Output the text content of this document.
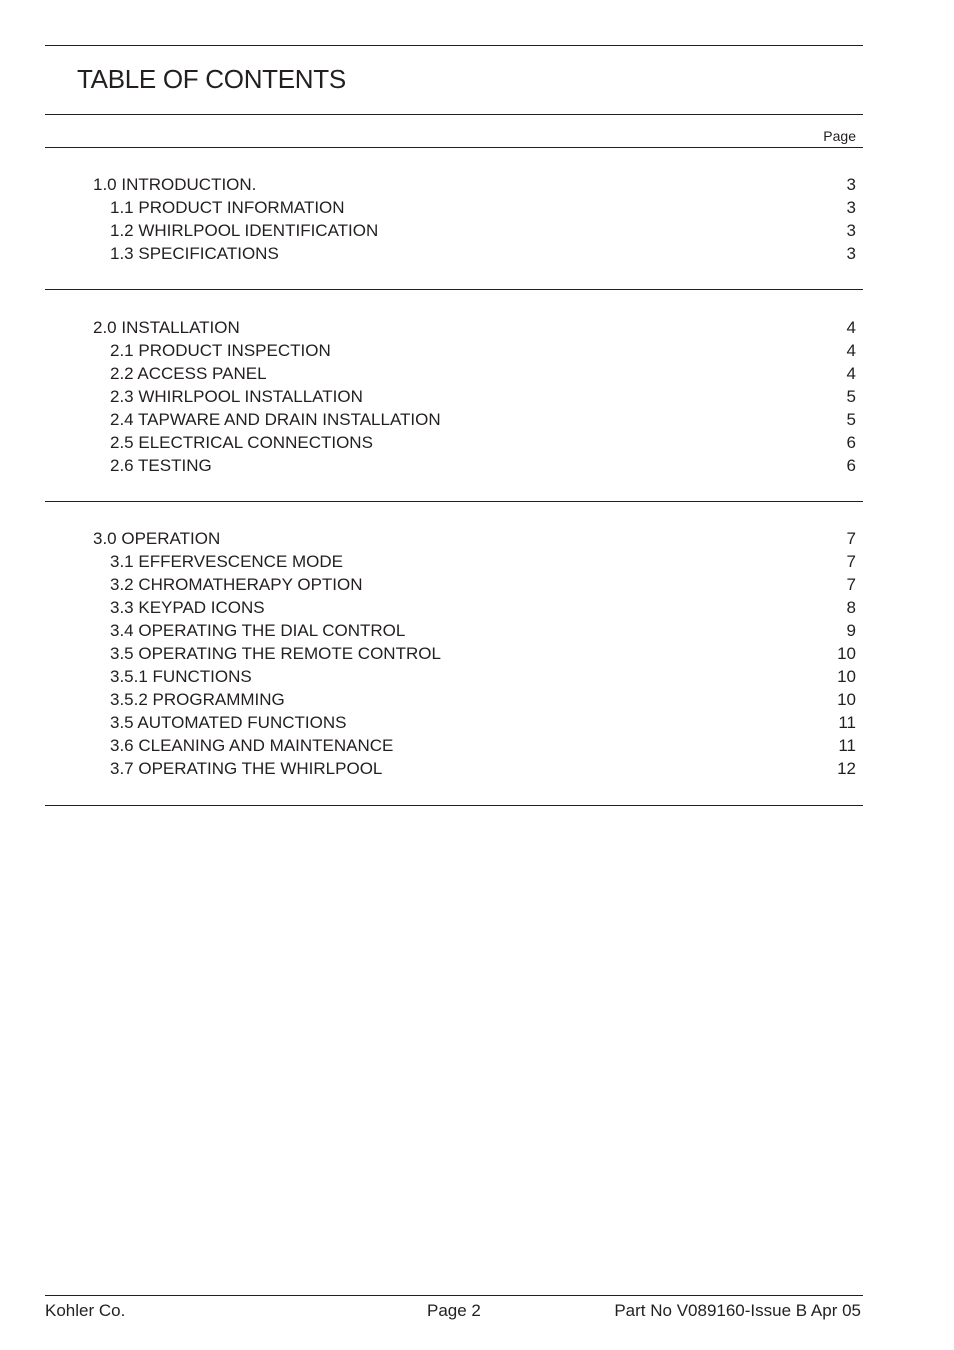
TABLE OF CONTENTS
Page
1.0 INTRODUCTION.	3
1.1 PRODUCT INFORMATION	3
1.2 WHIRLPOOL IDENTIFICATION	3
1.3 SPECIFICATIONS	3
2.0 INSTALLATION	4
2.1 PRODUCT INSPECTION	4
2.2 ACCESS PANEL	4
2.3 WHIRLPOOL INSTALLATION	5
2.4 TAPWARE AND DRAIN INSTALLATION	5
2.5 ELECTRICAL CONNECTIONS	6
2.6 TESTING	6
3.0 OPERATION	7
3.1 EFFERVESCENCE MODE	7
3.2 CHROMATHERAPY OPTION	7
3.3 KEYPAD ICONS	8
3.4 OPERATING THE DIAL CONTROL	9
3.5 OPERATING THE REMOTE CONTROL	10
3.5.1 FUNCTIONS	10
3.5.2 PROGRAMMING	10
3.5 AUTOMATED FUNCTIONS	11
3.6 CLEANING AND MAINTENANCE	11
3.7 OPERATING THE WHIRLPOOL	12
Kohler Co.	Page 2	Part No V089160-Issue B Apr 05
